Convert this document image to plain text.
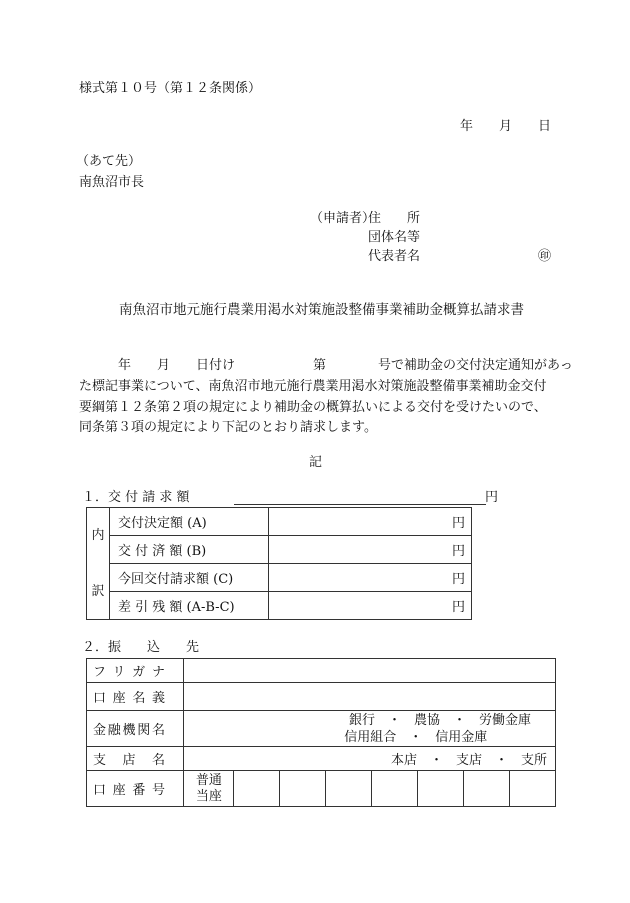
様式第１０号（第１２条関係）
年　　月　　日
（あて先）
南魚沼市長
（申請者）
住　　所
団体名等
代表者名	㊞
南魚沼市地元施行農業用渇水対策施設整備事業補助金概算払請求書
　　　年　　月　　日付け　　　　　　第　　　　号で補助金の交付決定通知があっ
た標記事業について、南魚沼市地元施行農業用渇水対策施設整備事業補助金交付
要綱第１２条第２項の規定により補助金の概算払いによる交付を受けたいので、
同条第３項の規定により下記のとおり請求します。
記
１．交 付 請 求 額	円
内

訳	交付決定額 (A)	円
	交 付 済 額 (B)	円
	今回交付請求額 (C)	円
	差 引 残 額 (A-B-C)	円
２．振　　込　　先
フリガナ								
口座名義								
金融機関名	銀行　・　農協　・　労働金庫
信用組合　・　信用金庫							

支店名	本店　・　支店　・　支所							
口座番号	普通
当座							
